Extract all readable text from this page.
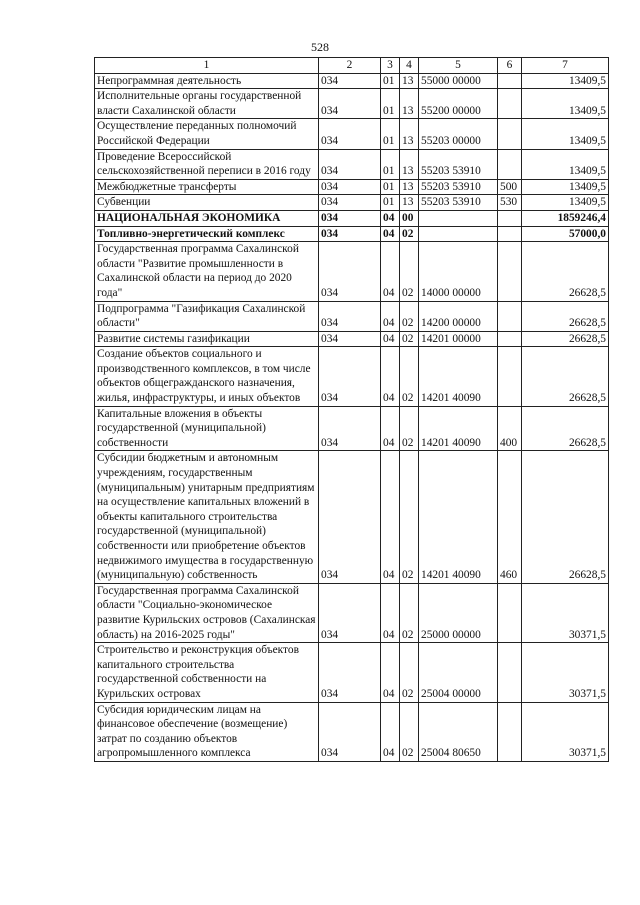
528
1	2	3	4	5	6	7
Непрограммная деятельность	034	01	13	55000 00000		13409,5
Исполнительные органы государственной власти Сахалинской области	034	01	13	55200 00000		13409,5
Осуществление переданных полномочий Российской Федерации	034	01	13	55203 00000		13409,5
Проведение Всероссийской сельскохозяйственной переписи в 2016 году	034	01	13	55203 53910		13409,5
Межбюджетные трансферты	034	01	13	55203 53910	500	13409,5
Субвенции	034	01	13	55203 53910	530	13409,5
НАЦИОНАЛЬНАЯ ЭКОНОМИКА	034	04	00			1859246,4
Топливно-энергетический комплекс	034	04	02			57000,0
Государственная программа Сахалинской области "Развитие промышленности в Сахалинской области на период до 2020 года"	034	04	02	14000 00000		26628,5
Подпрограмма "Газификация Сахалинской области"	034	04	02	14200 00000		26628,5
Развитие системы газификации	034	04	02	14201 00000		26628,5
Создание объектов социального и производственного комплексов, в том числе объектов общегражданского назначения, жилья, инфраструктуры, и иных объектов	034	04	02	14201 40090		26628,5
Капитальные вложения в объекты государственной (муниципальной) собственности	034	04	02	14201 40090	400	26628,5
Субсидии бюджетным и автономным учреждениям, государственным (муниципальным) унитарным предприятиям на осуществление капитальных вложений в объекты капитального строительства государственной (муниципальной) собственности или приобретение объектов недвижимого имущества в государственную (муниципальную) собственность	034	04	02	14201 40090	460	26628,5
Государственная программа Сахалинской области "Социально-экономическое развитие Курильских островов (Сахалинская область) на 2016-2025 годы"	034	04	02	25000 00000		30371,5
Строительство и реконструкция объектов капитального строительства государственной собственности на Курильских островах	034	04	02	25004 00000		30371,5
Субсидия юридическим лицам на финансовое обеспечение (возмещение) затрат по созданию объектов агропромышленного комплекса	034	04	02	25004 80650		30371,5
